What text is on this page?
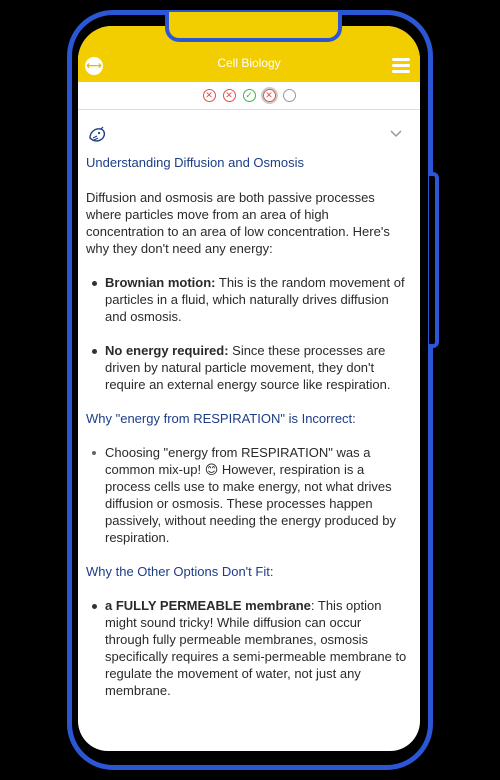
⟷	Cell Biology
✕	✕	✓	✕
Understanding Diffusion and Osmosis

Diffusion and osmosis are both passive processes where particles move from an area of high concentration to an area of low concentration. Here's why they don't need any energy:

Brownian motion: This is the random movement of particles in a fluid, which naturally drives diffusion and osmosis.
No energy required: Since these processes are driven by natural particle movement, they don't require an external energy source like respiration.
Why "energy from RESPIRATION" is Incorrect:
Choosing "energy from RESPIRATION" was a common mix-up! 😊 However, respiration is a process cells use to make energy, not what drives diffusion or osmosis. These processes happen passively, without needing the energy produced by respiration.
Why the Other Options Don't Fit:
a FULLY PERMEABLE membrane: This option might sound tricky! While diffusion can occur through fully permeable membranes, osmosis specifically requires a semi-permeable membrane to regulate the movement of water, not just any membrane.
